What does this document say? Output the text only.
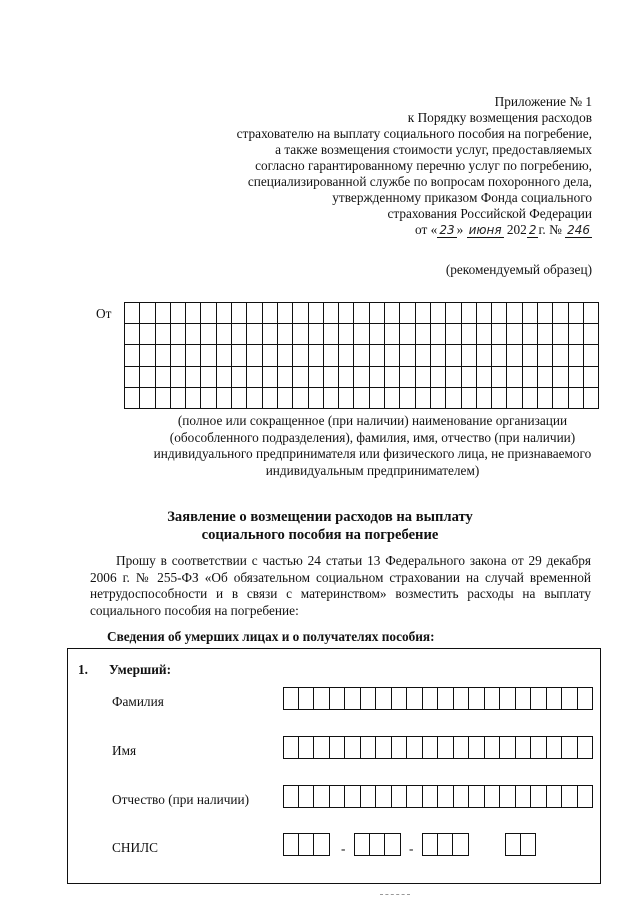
Приложение № 1
к Порядку возмещения расходов
страхователю на выплату социального пособия на погребение,
а также возмещения стоимости услуг, предоставляемых
согласно гарантированному перечню услуг по погребению,
специализированной службе по вопросам похоронного дела,
утвержденному приказом Фонда социального
страхования Российской Федерации
от « 23 » июня 202 2 г. № 246
(рекомендуемый образец)
От
(полное или сокращенное (при наличии) наименование организации (обособленного подразделения), фамилия, имя, отчество (при наличии) индивидуального предпринимателя или физического лица, не признаваемого индивидуальным предпринимателем)
Заявление о возмещении расходов на выплату
социального пособия на погребение
Прошу в соответствии с частью 24 статьи 13 Федерального закона от 29 декабря 2006 г. № 255-ФЗ «Об обязательном социальном страховании на случай временной нетрудоспособности и в связи с материнством» возместить расходы на выплату социального пособия на погребение:
Сведения об умерших лицах и о получателях пособия:
1. Умерший:
Фамилия
Имя
Отчество (при наличии)
СНИЛС	-	-
